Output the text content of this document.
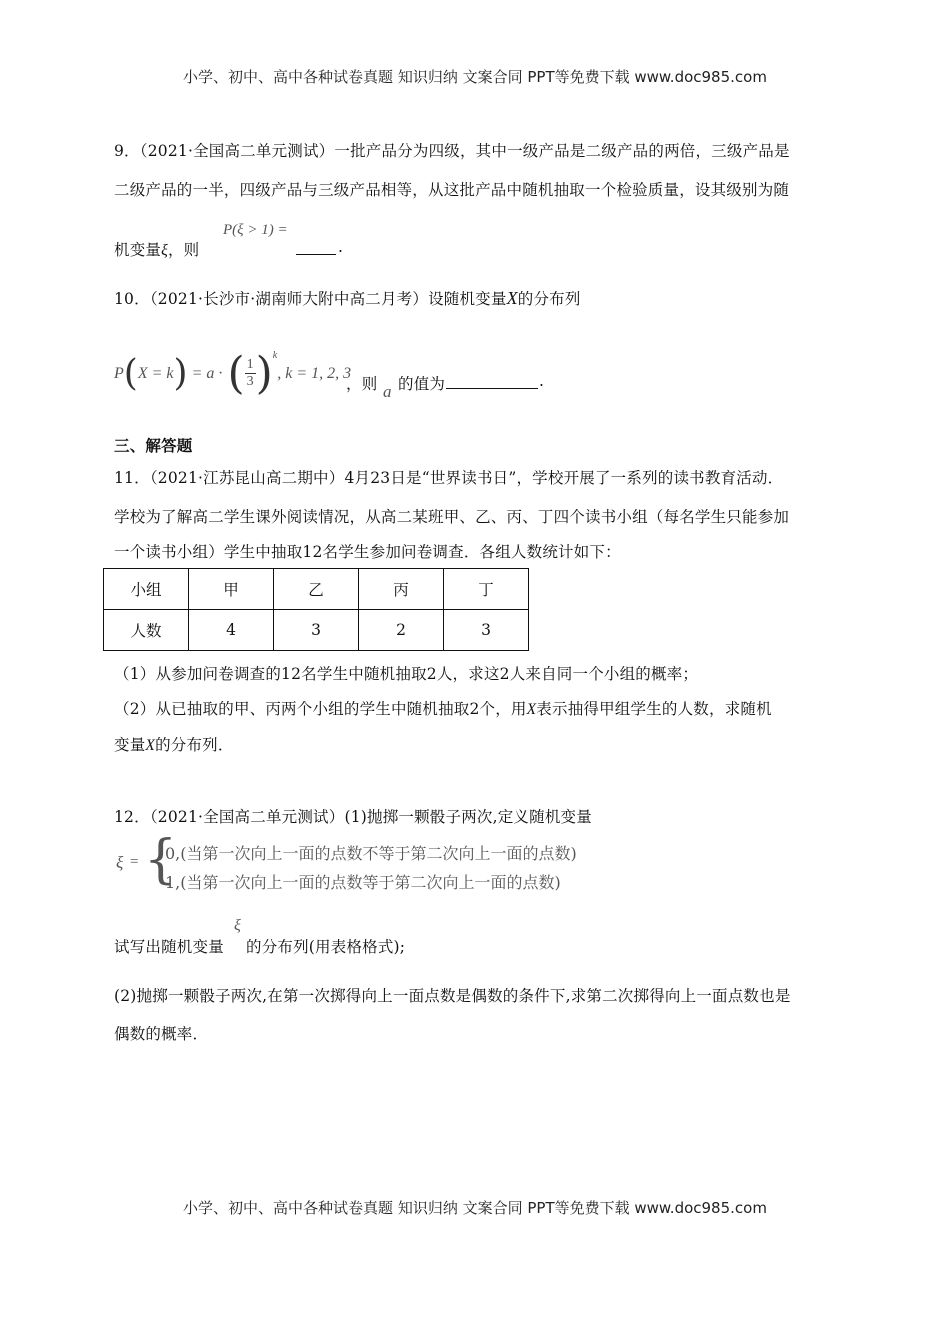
小学、初中、高中各种试卷真题 知识归纳 文案合同 PPT等免费下载 www.doc985.com
9．（2021·全国高二单元测试）一批产品分为四级，其中一级产品是二级产品的两倍，三级产品是
二级产品的一半，四级产品与三级产品相等，从这批产品中随机抽取一个检验质量，设其级别为随
P(ξ > 1) =
机变量ξ，则	.
10．（2021·长沙市·湖南师大附中高二月考）设随机变量X的分布列
P(X = k) = a · ( $\frac{1}{3} )^k$, k = 1, 2, 3
，则 a 的值为	.
三、解答题
11．（2021·江苏昆山高二期中）4月23日是“世界读书日”，学校开展了一系列的读书教育活动．
学校为了解高二学生课外阅读情况，从高二某班甲、乙、丙、丁四个读书小组（每名学生只能参加
一个读书小组）学生中抽取12名学生参加问卷调查．各组人数统计如下：
小组	甲	乙	丙	丁
人数	4	3	2	3
（1）从参加问卷调查的12名学生中随机抽取2人，求这2人来自同一个小组的概率；
（2）从已抽取的甲、丙两个小组的学生中随机抽取2个，用X表示抽得甲组学生的人数，求随机
变量X的分布列．
12．（2021·全国高二单元测试）(1)抛掷一颗骰子两次,定义随机变量
ξ = {
0,(当第一次向上一面的点数不等于第二次向上一面的点数)
1,(当第一次向上一面的点数等于第二次向上一面的点数)
试写出随机变量
ξ
的分布列(用表格格式);
(2)抛掷一颗骰子两次,在第一次掷得向上一面点数是偶数的条件下,求第二次掷得向上一面点数也是
偶数的概率．
小学、初中、高中各种试卷真题 知识归纳 文案合同 PPT等免费下载 www.doc985.com
